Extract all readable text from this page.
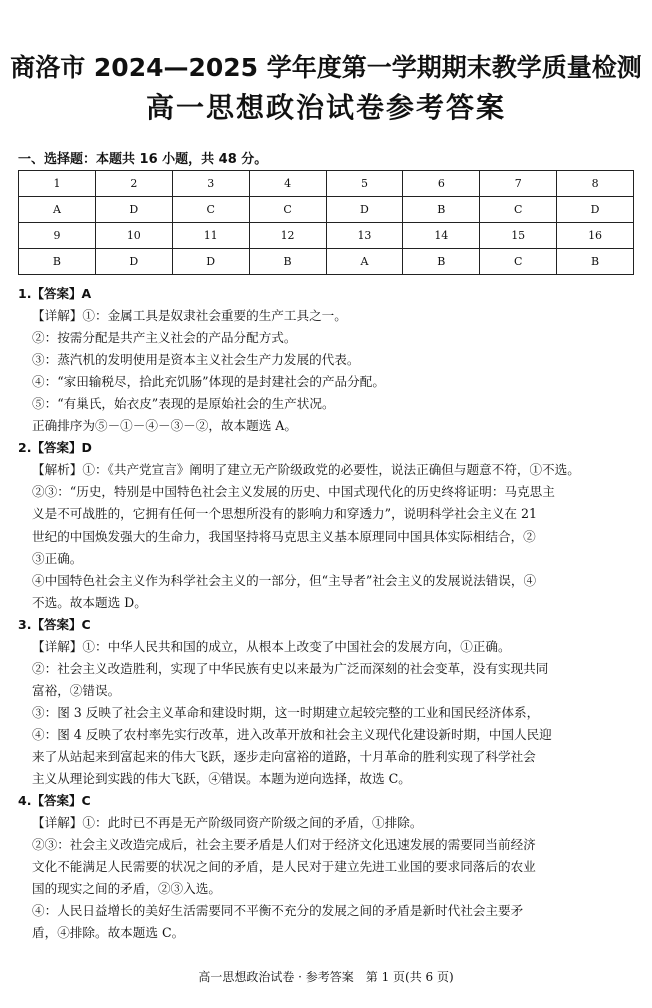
商洛市 2024—2025 学年度第一学期期末教学质量检测
高一思想政治试卷参考答案
一、选择题：本题共 16 小题，共 48 分。
1	2	3	4	5	6	7	8
A	D	C	C	D	B	C	D
9	10	11	12	13	14	15	16
B	D	D	B	A	B	C	B
1.【答案】A
【详解】①：金属工具是奴隶社会重要的生产工具之一。
②：按需分配是共产主义社会的产品分配方式。
③：蒸汽机的发明使用是资本主义社会生产力发展的代表。
④：“家田输税尽，拾此充饥肠”体现的是封建社会的产品分配。
⑤：“有巢氏，始衣皮”表现的是原始社会的生产状况。
正确排序为⑤－①－④－③－②，故本题选 A。
2.【答案】D
【解析】①：《共产党宣言》阐明了建立无产阶级政党的必要性，说法正确但与题意不符，①不选。
②③：“历史，特别是中国特色社会主义发展的历史、中国式现代化的历史终将证明：马克思主
义是不可战胜的，它拥有任何一个思想所没有的影响力和穿透力”，说明科学社会主义在 21
世纪的中国焕发强大的生命力，我国坚持将马克思主义基本原理同中国具体实际相结合，②
③正确。
④中国特色社会主义作为科学社会主义的一部分，但“主导者”社会主义的发展说法错误，④
不选。故本题选 D。
3.【答案】C
【详解】①：中华人民共和国的成立，从根本上改变了中国社会的发展方向，①正确。
②：社会主义改造胜利，实现了中华民族有史以来最为广泛而深刻的社会变革，没有实现共同
富裕，②错误。
③：图 3 反映了社会主义革命和建设时期，这一时期建立起较完整的工业和国民经济体系，
④：图 4 反映了农村率先实行改革，进入改革开放和社会主义现代化建设新时期，中国人民迎
来了从站起来到富起来的伟大飞跃，逐步走向富裕的道路，十月革命的胜利实现了科学社会
主义从理论到实践的伟大飞跃，④错误。本题为逆向选择，故选 C。
4.【答案】C
【详解】①：此时已不再是无产阶级同资产阶级之间的矛盾，①排除。
②③：社会主义改造完成后，社会主要矛盾是人们对于经济文化迅速发展的需要同当前经济
文化不能满足人民需要的状况之间的矛盾，是人民对于建立先进工业国的要求同落后的农业
国的现实之间的矛盾，②③入选。
④：人民日益增长的美好生活需要同不平衡不充分的发展之间的矛盾是新时代社会主要矛
盾，④排除。故本题选 C。
高一思想政治试卷 · 参考答案　第 1 页(共 6 页)
